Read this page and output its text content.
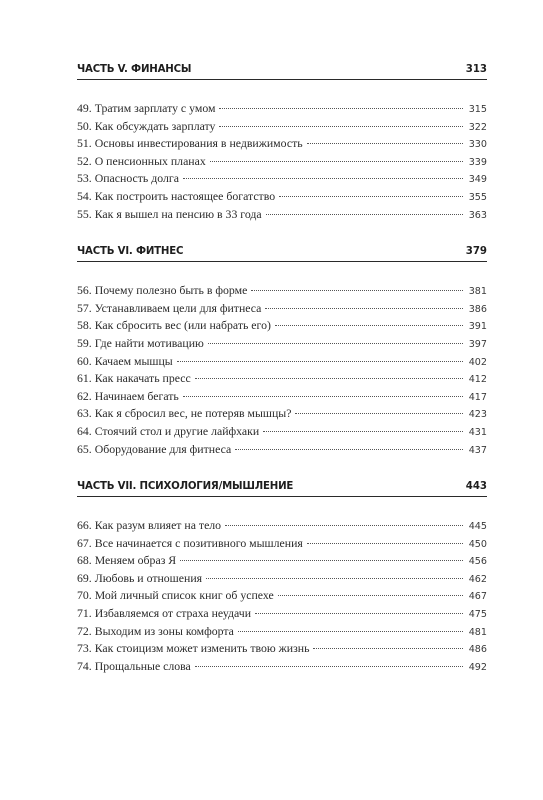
ЧАСТЬ V. ФИНАНСЫ	313
49. Тратим зарплату с умом	315
50. Как обсуждать зарплату	322
51. Основы инвестирования в недвижимость	330
52. О пенсионных планах	339
53. Опасность долга	349
54. Как построить настоящее богатство	355
55. Как я вышел на пенсию в 33 года	363
ЧАСТЬ VI. ФИТНЕС	379
56. Почему полезно быть в форме	381
57. Устанавливаем цели для фитнеса	386
58. Как сбросить вес (или набрать его)	391
59. Где найти мотивацию	397
60. Качаем мышцы	402
61. Как накачать пресс	412
62. Начинаем бегать	417
63. Как я сбросил вес, не потеряв мышцы?	423
64. Стоячий стол и другие лайфхаки	431
65. Оборудование для фитнеса	437
ЧАСТЬ VII. ПСИХОЛОГИЯ/МЫШЛЕНИЕ	443
66. Как разум влияет на тело	445
67. Все начинается с позитивного мышления	450
68. Меняем образ Я	456
69. Любовь и отношения	462
70. Мой личный список книг об успехе	467
71. Избавляемся от страха неудачи	475
72. Выходим из зоны комфорта	481
73. Как стоицизм может изменить твою жизнь	486
74. Прощальные слова	492
